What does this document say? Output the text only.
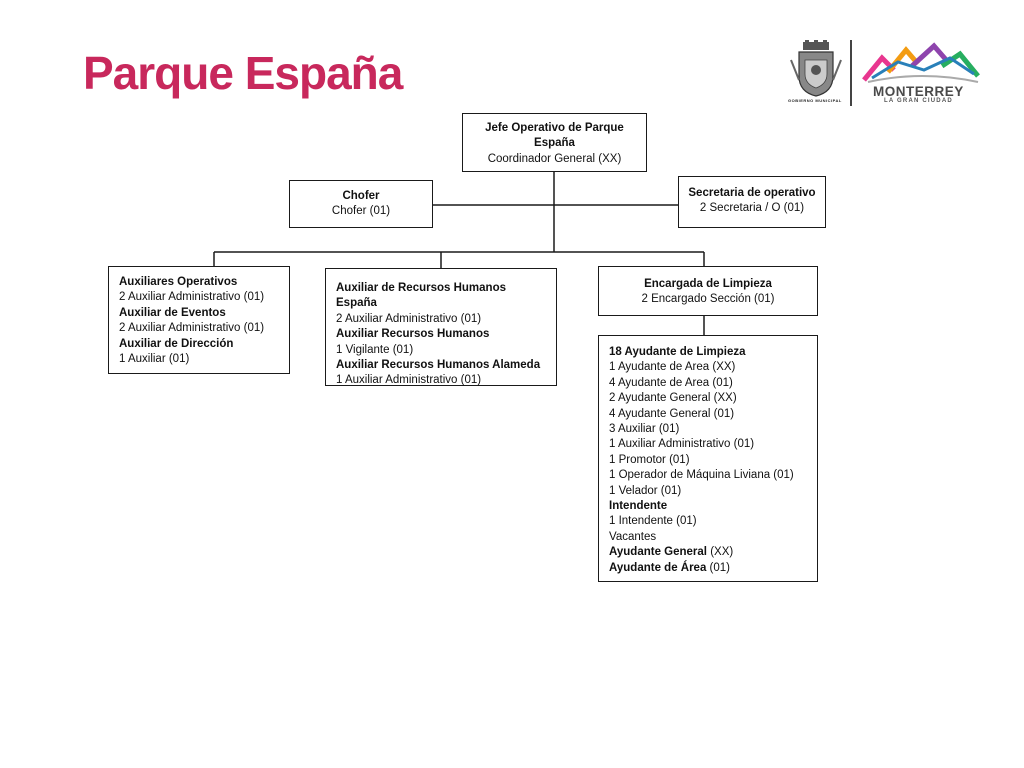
Parque España
GOBIERNO MUNICIPAL
MONTERREY
LA GRAN CIUDAD
Jefe Operativo de Parque España
Coordinador General (XX)
Chofer
Chofer (01)
Secretaria de operativo
2 Secretaria / O (01)
Auxiliares Operativos
2 Auxiliar Administrativo (01)
Auxiliar de Eventos
2 Auxiliar Administrativo (01)
Auxiliar de Dirección
1 Auxiliar (01)
Auxiliar de Recursos Humanos España
2 Auxiliar Administrativo (01)
Auxiliar Recursos Humanos
1 Vigilante (01)
Auxiliar Recursos Humanos Alameda
1 Auxiliar Administrativo (01)
Encargada de Limpieza
2 Encargado Sección (01)
18 Ayudante de Limpieza
1 Ayudante de Area (XX)
4 Ayudante de Area (01)
2 Ayudante General (XX)
4 Ayudante General (01)
3 Auxiliar (01)
1 Auxiliar Administrativo (01)
1 Promotor (01)
1 Operador de Máquina Liviana (01)
1 Velador (01)
Intendente
1 Intendente (01)
Vacantes
Ayudante General (XX)
Ayudante de Área (01)
